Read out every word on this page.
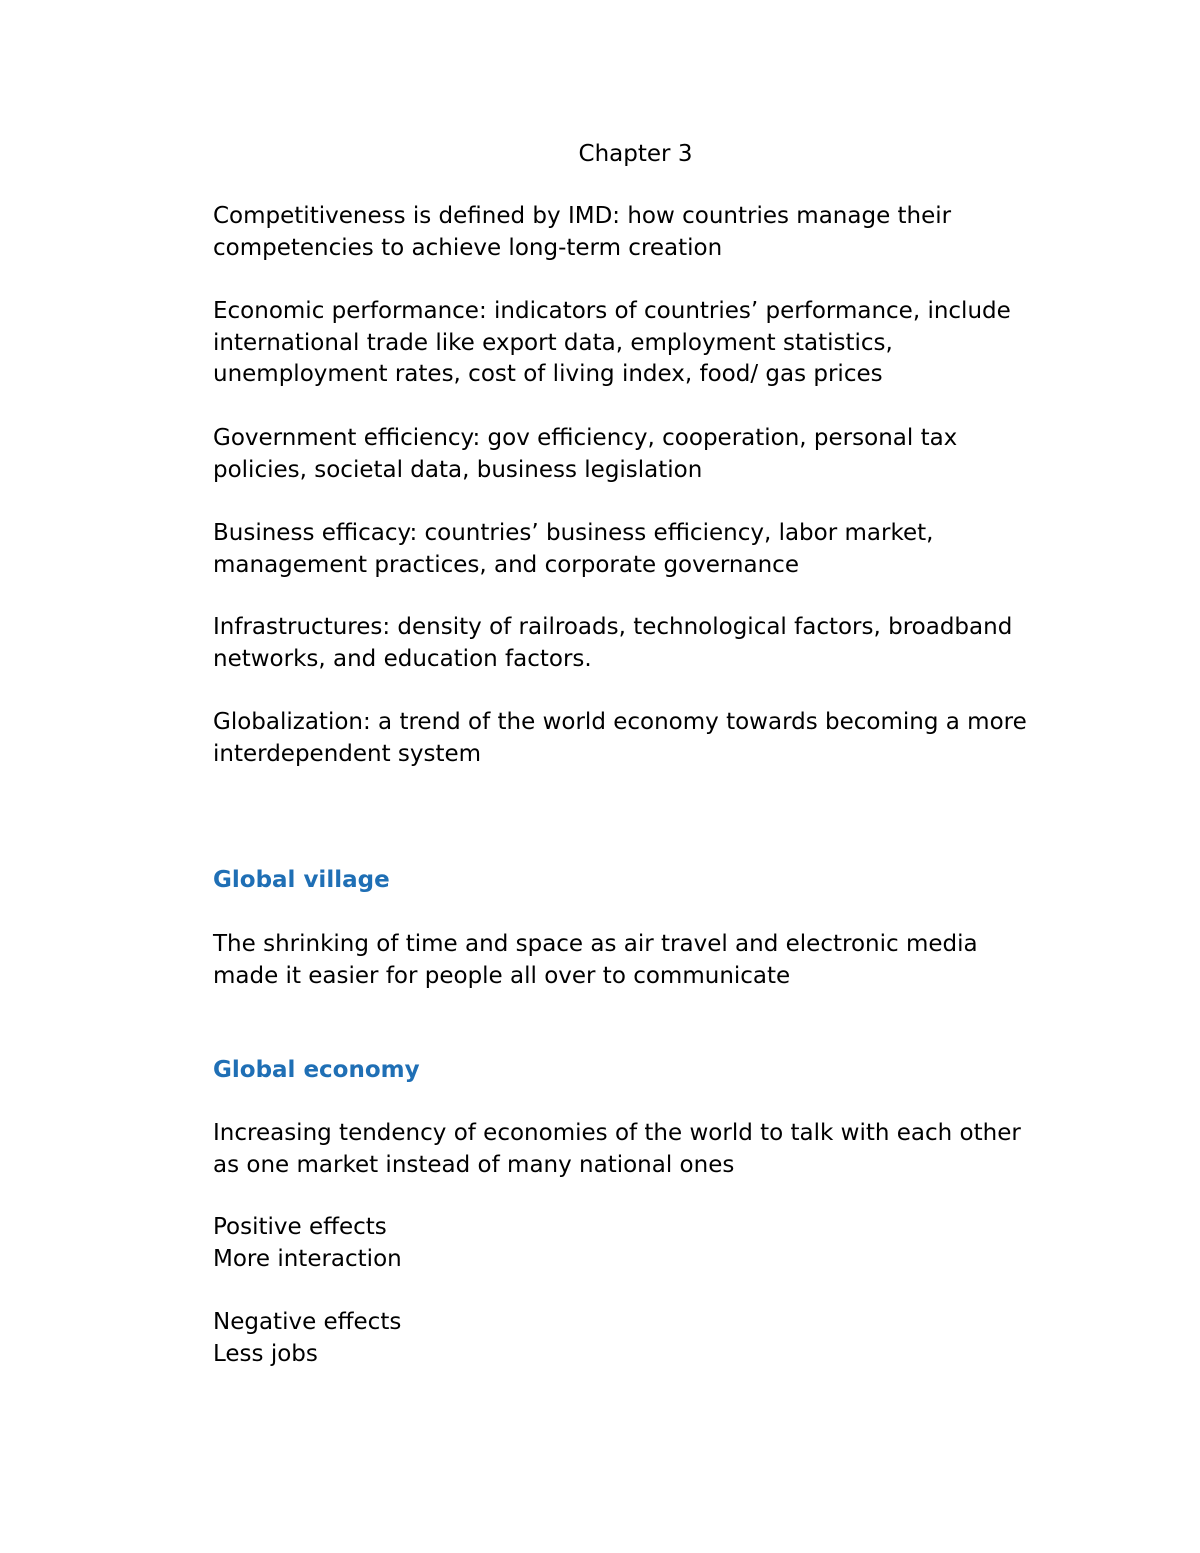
Chapter 3

Competitiveness is defined by IMD: how countries manage their
competencies to achieve long-term creation

Economic performance: indicators of countries’ performance, include
international trade like export data, employment statistics,
unemployment rates, cost of living index, food/ gas prices

Government efficiency: gov efficiency, cooperation, personal tax
policies, societal data, business legislation

Business efficacy: countries’ business efficiency, labor market,
management practices, and corporate governance

Infrastructures: density of railroads, technological factors, broadband
networks, and education factors.

Globalization: a trend of the world economy towards becoming a more
interdependent system

Global village

The shrinking of time and space as air travel and electronic media
made it easier for people all over to communicate

Global economy

Increasing tendency of economies of the world to talk with each other
as one market instead of many national ones

Positive effects
More interaction

Negative effects
Less jobs
